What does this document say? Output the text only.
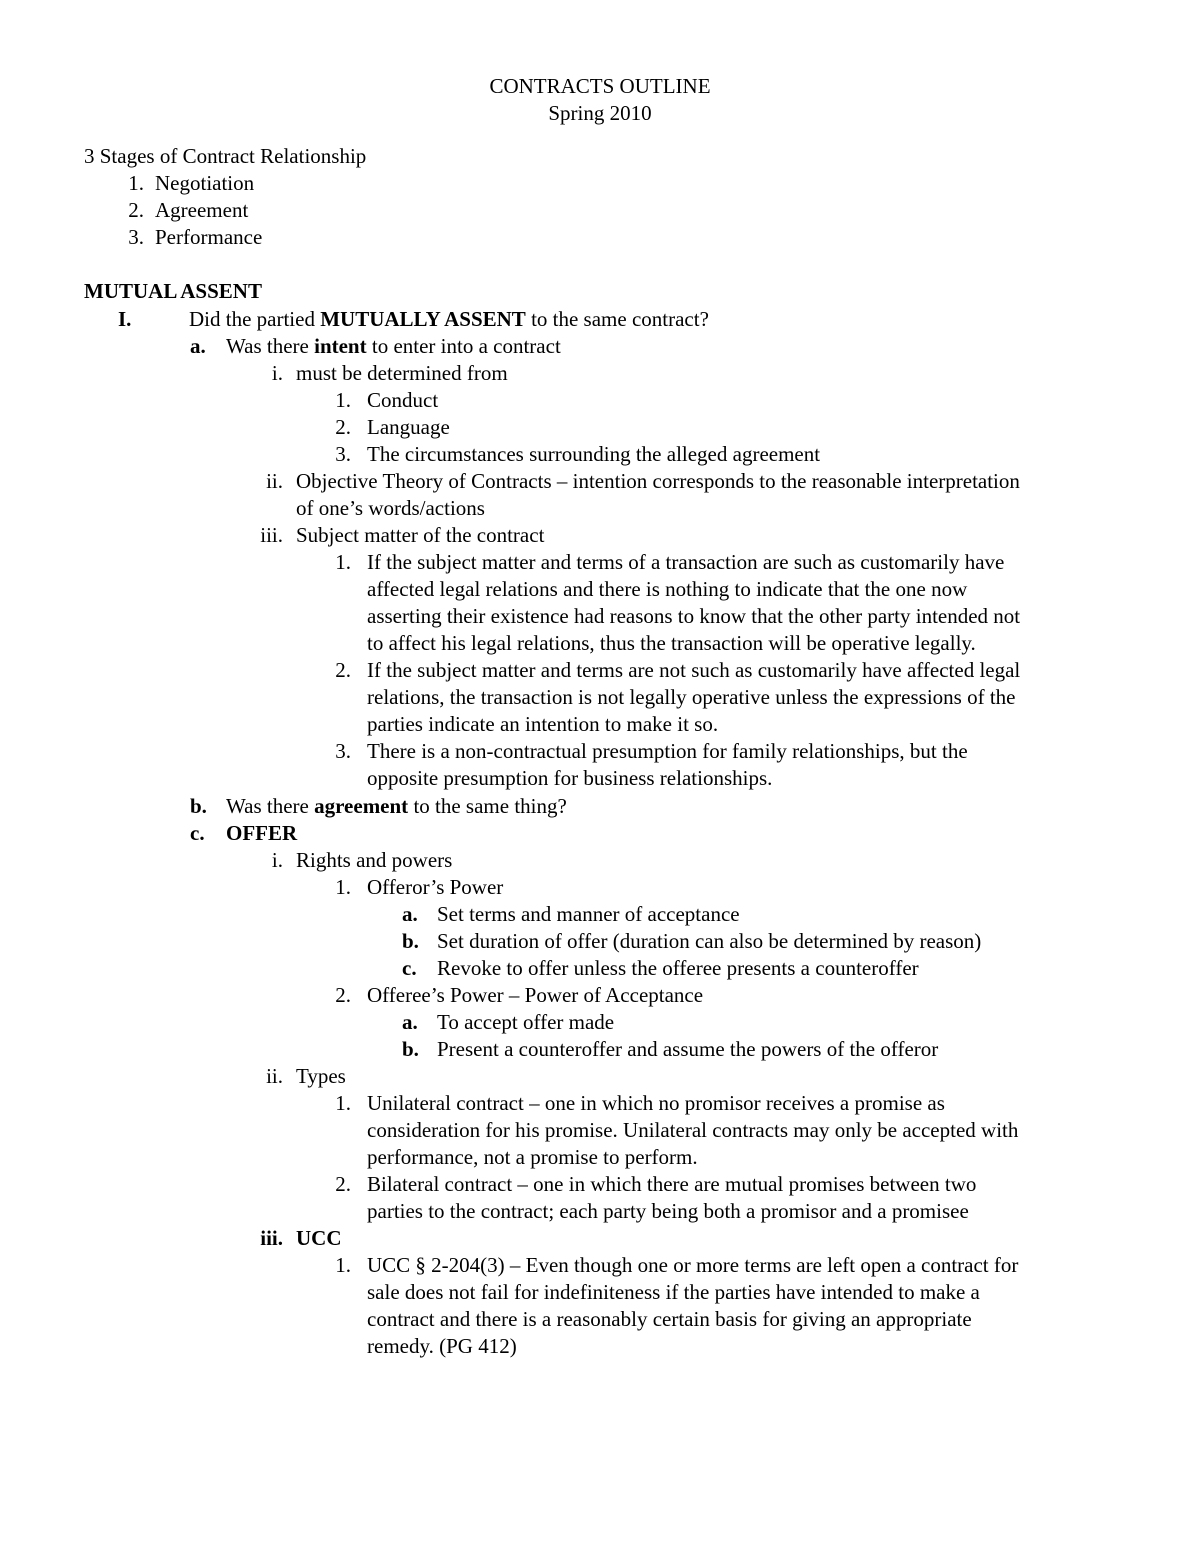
CONTRACTS OUTLINE
Spring 2010
3 Stages of Contract Relationship
1. Negotiation
2. Agreement
3. Performance
MUTUAL ASSENT
I.	Did the partied MUTUALLY ASSENT to the same contract?
a. Was there intent to enter into a contract
i. must be determined from
1. Conduct
2. Language
3. The circumstances surrounding the alleged agreement
ii. Objective Theory of Contracts – intention corresponds to the reasonable interpretation
of one’s words/actions
iii. Subject matter of the contract
1. If the subject matter and terms of a transaction are such as customarily have
affected legal relations and there is nothing to indicate that the one now
asserting their existence had reasons to know that the other party intended not
to affect his legal relations, thus the transaction will be operative legally.
2. If the subject matter and terms are not such as customarily have affected legal
relations, the transaction is not legally operative unless the expressions of the
parties indicate an intention to make it so.
3. There is a non-contractual presumption for family relationships, but the
opposite presumption for business relationships.
b. Was there agreement to the same thing?
c. OFFER
i. Rights and powers
1. Offeror’s Power
a. Set terms and manner of acceptance
b. Set duration of offer (duration can also be determined by reason)
c. Revoke to offer unless the offeree presents a counteroffer
2. Offeree’s Power – Power of Acceptance
a. To accept offer made
b. Present a counteroffer and assume the powers of the offeror
ii. Types
1. Unilateral contract – one in which no promisor receives a promise as
consideration for his promise. Unilateral contracts may only be accepted with
performance, not a promise to perform.
2. Bilateral contract – one in which there are mutual promises between two
parties to the contract; each party being both a promisor and a promisee
iii. UCC
1. UCC § 2-204(3) – Even though one or more terms are left open a contract for
sale does not fail for indefiniteness if the parties have intended to make a
contract and there is a reasonably certain basis for giving an appropriate
remedy. (PG 412)
